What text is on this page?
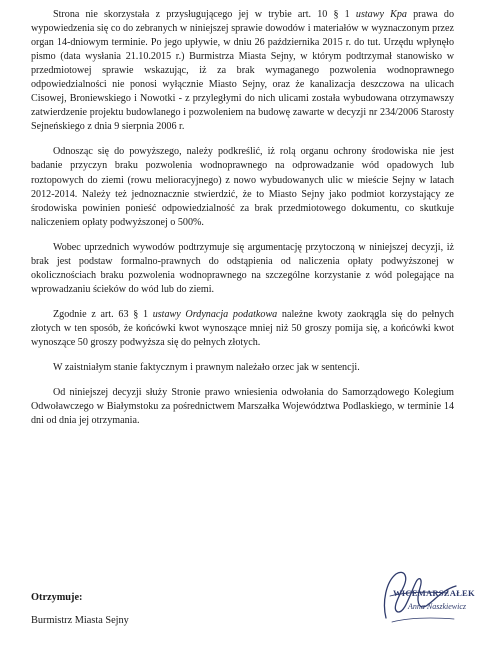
Strona nie skorzystała z przysługującego jej w trybie art. 10 § 1 ustawy Kpa prawa do wypowiedzenia się co do zebranych w niniejszej sprawie dowodów i materiałów w wyznaczonym przez organ 14-dniowym terminie. Po jego upływie, w dniu 26 października 2015 r. do tut. Urzędu wpłynęło pismo (data wysłania 21.10.2015 r.) Burmistrza Miasta Sejny, w którym podtrzymał stanowisko w przedmiotowej sprawie wskazując, iż za brak wymaganego pozwolenia wodnoprawnego odpowiedzialności nie ponosi wyłącznie Miasto Sejny, oraz że kanalizacja deszczowa na ulicach Cisowej, Broniewskiego i Nowotki - z przyległymi do nich ulicami została wybudowana otrzymawszy zatwierdzenie projektu budowlanego i pozwoleniem na budowę zawarte w decyzji nr 234/2006 Starosty Sejneńskiego z dnia 9 sierpnia 2006 r.

Odnosząc się do powyższego, należy podkreślić, iż rolą organu ochrony środowiska nie jest badanie przyczyn braku pozwolenia wodnoprawnego na odprowadzanie wód opadowych lub roztopowych do ziemi (rowu melioracyjnego) z nowo wybudowanych ulic w mieście Sejny w latach 2012-2014. Należy też jednoznacznie stwierdzić, że to Miasto Sejny jako podmiot korzystający ze środowiska powinien ponieść odpowiedzialność za brak przedmiotowego dokumentu, co skutkuje naliczeniem opłaty podwyższonej o 500%.

Wobec uprzednich wywodów podtrzymuje się argumentację przytoczoną w niniejszej decyzji, iż brak jest podstaw formalno-prawnych do odstąpienia od naliczenia opłaty podwyższonej w okolicznościach braku pozwolenia wodnoprawnego na szczególne korzystanie z wód polegające na wprowadzaniu ścieków do wód lub do ziemi.

Zgodnie z art. 63 § 1 ustawy Ordynacja podatkowa należne kwoty zaokrągla się do pełnych złotych w ten sposób, że końcówki kwot wynoszące mniej niż 50 groszy pomija się, a końcówki kwot wynoszące 50 groszy podwyższa się do pełnych złotych.

W zaistniałym stanie faktycznym i prawnym należało orzec jak w sentencji.

Od niniejszej decyzji służy Stronie prawo wniesienia odwołania do Samorządowego Kolegium Odwoławczego w Białymstoku za pośrednictwem Marszałka Województwa Podlaskiego, w terminie 14 dni od dnia jej otrzymania.

Otrzymuje:

Burmistrz Miasta Sejny

WICEMARSZAŁEK
Anna Naszkiewicz
